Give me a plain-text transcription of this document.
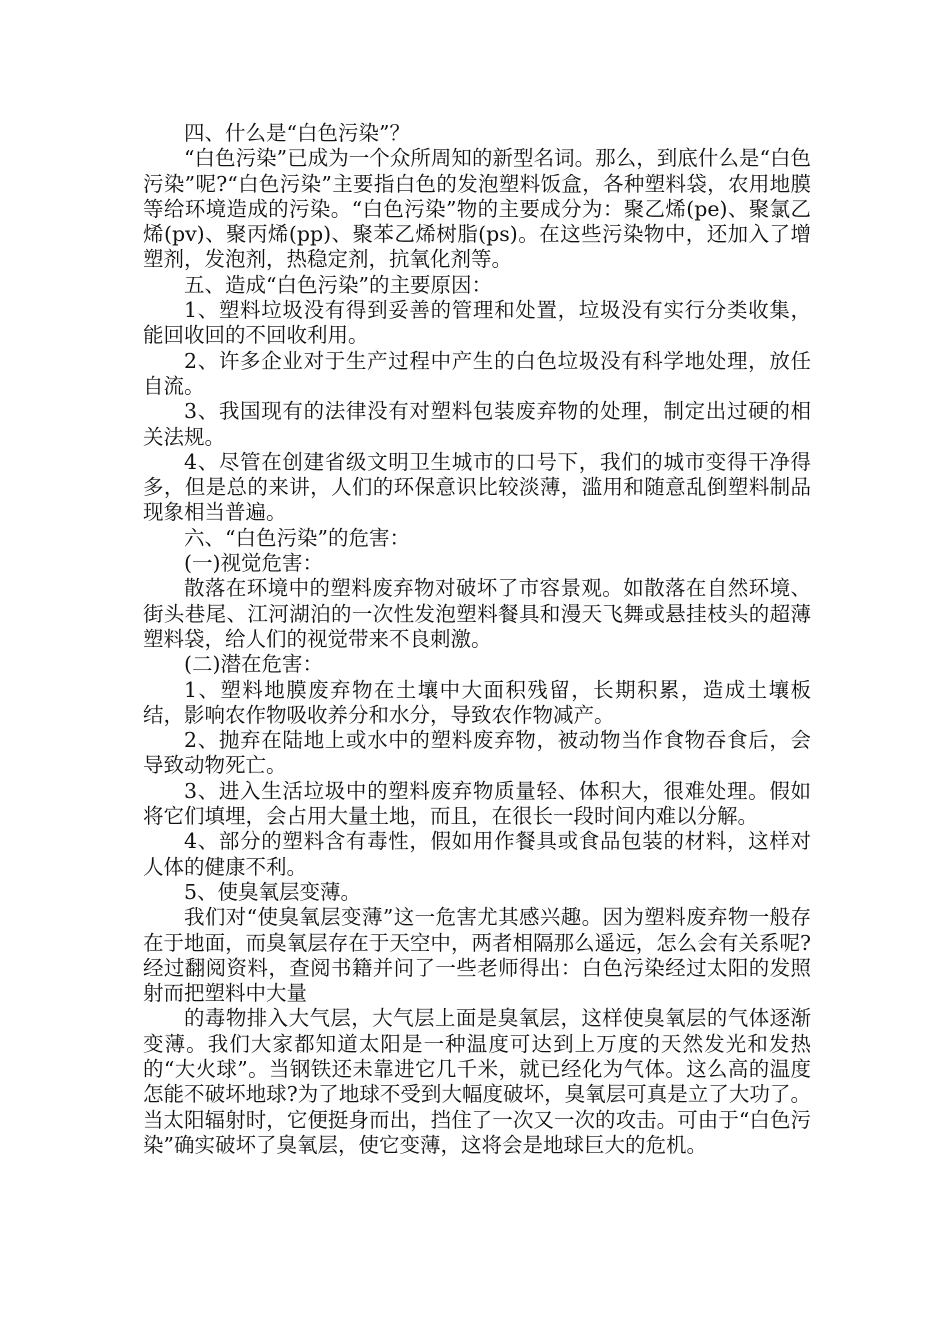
四、什么是“白色污染”？

“白色污染”已成为一个众所周知的新型名词。那么，到底什么是“白色污染”呢?“白色污染”主要指白色的发泡塑料饭盒，各种塑料袋，农用地膜等给环境造成的污染。“白色污染”物的主要成分为：聚乙烯(pe)、聚氯乙烯(pv)、聚丙烯(pp)、聚苯乙烯树脂(ps)。在这些污染物中，还加入了增塑剂，发泡剂，热稳定剂，抗氧化剂等。

五、造成“白色污染”的主要原因：

1、塑料垃圾没有得到妥善的管理和处置，垃圾没有实行分类收集，能回收回的不回收利用。

2、许多企业对于生产过程中产生的白色垃圾没有科学地处理，放任自流。

3、我国现有的法律没有对塑料包装废弃物的处理，制定出过硬的相关法规。

4、尽管在创建省级文明卫生城市的口号下，我们的城市变得干净得多，但是总的来讲，人们的环保意识比较淡薄，滥用和随意乱倒塑料制品现象相当普遍。

六、“白色污染”的危害：

(一)视觉危害：

散落在环境中的塑料废弃物对破坏了市容景观。如散落在自然环境、街头巷尾、江河湖泊的一次性发泡塑料餐具和漫天飞舞或悬挂枝头的超薄塑料袋，给人们的视觉带来不良刺激。

(二)潜在危害：

1、塑料地膜废弃物在土壤中大面积残留，长期积累，造成土壤板结，影响农作物吸收养分和水分，导致农作物减产。

2、抛弃在陆地上或水中的塑料废弃物，被动物当作食物吞食后，会导致动物死亡。

3、进入生活垃圾中的塑料废弃物质量轻、体积大，很难处理。假如将它们填埋，会占用大量土地，而且，在很长一段时间内难以分解。

4、部分的塑料含有毒性，假如用作餐具或食品包装的材料，这样对人体的健康不利。

5、使臭氧层变薄。

我们对“使臭氧层变薄”这一危害尤其感兴趣。因为塑料废弃物一般存在于地面，而臭氧层存在于天空中，两者相隔那么遥远，怎么会有关系呢?经过翻阅资料，查阅书籍并问了一些老师得出：白色污染经过太阳的发照射而把塑料中大量

的毒物排入大气层，大气层上面是臭氧层，这样使臭氧层的气体逐渐变薄。我们大家都知道太阳是一种温度可达到上万度的天然发光和发热的“大火球”。当钢铁还未靠进它几千米，就已经化为气体。这么高的温度怎能不破坏地球?为了地球不受到大幅度破坏，臭氧层可真是立了大功了。当太阳辐射时，它便挺身而出，挡住了一次又一次的攻击。可由于“白色污染”确实破坏了臭氧层，使它变薄，这将会是地球巨大的危机。
